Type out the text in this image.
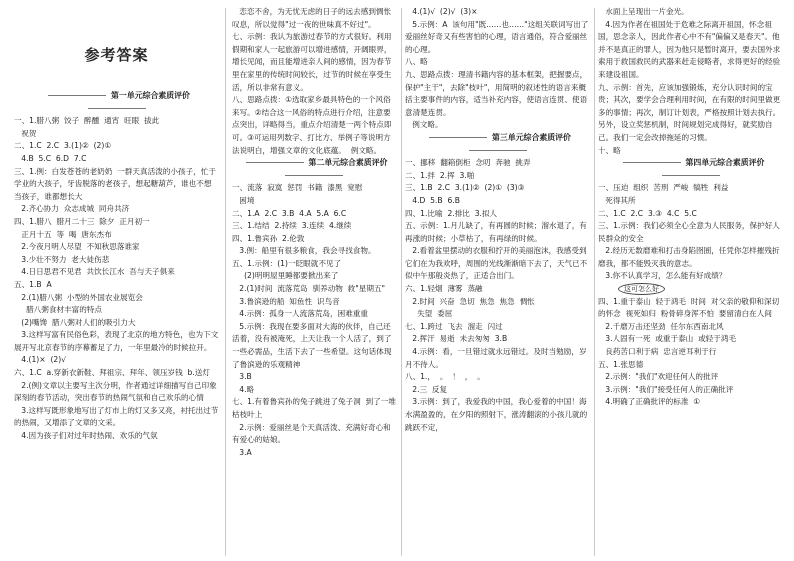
参考答案
第一单元综合素质评价
一、1.腊八粥  饺子  醉醺  通宵  旺眼  拔此
祝贺
二、1.C  2.C  3.(1)②  (2)①
4.B  5.C  6.D  7.C
三、1.例：白发苍苍的老奶奶  一群天真活泼的小孩子，忙于学业的大孩子，牙齿脱落的老孩子，想起糖葫芦，谁也不想当孩子，谁都想长大
2.齐心协力  众志成城  同舟共济
四、1.腊八  腊月二十三  除夕  正月初一
正月十五  等  喝  唐东杰布
2.今夜月明人尽望  不知秋思落谁家
3.少壮不努力  老大徒伤悲
4.日日思君不见君  共饮长江水  吾与天子俱来
五、1.B  A
2.(1)腊八粥  小型的外国农业展览会
腊八粥食材丰富的特点
(2)嘴馋  腊八粥对人们的吸引力大
3.这样写富有民俗色彩，表现了北京的地方特色，也为下文展开写北京春节的序幕蓄足了力，一年里最冷的时候拉开。
4.(1)×  (2)√
六、1.C  a.穿新衣新鞋、拜祖宗、拜年、领压岁钱  b.送灯
2.(例)文章以主要写主次分明，作者通过详细描写自己印象深刻的春节活动，突出春节的热闹气氛和自己欢乐的心情
3.这样写既形象地写出了灯市上的灯又多又亮，衬托出过节的热闹，又增添了文章的文采。
4.因为孩子们对过年时热闹、欢乐的气氛
恋恋不舍，为无忧无虑的日子的远去感到惆怅叹息，所以觉得"过一夜的世味真不好过"。
七、示例：我认为旅游过春节的方式很好。利用假期和家人一起旅游可以增进感情，开阔眼界，增长见闻，而且能增进亲人间的感情，因为春节里在家里的传统时间较长，过节的时候在享受生活，所以非常有意义。
八、思路点拨：①选取家乡最具特色的一个风俗来写。②结合这一风俗的特点进行介绍，注意要点突出，详略得当，重点介绍清楚一两个特点即可。③可运用列数字、打比方、举例子等说明方法说明白，增强文章的文化底蕴。  例文略。
第二单元综合素质评价
一、流落  寂寞  惩罚  书籍  漆黑  宽慰
困境
二、1.A  2.C  3.B  4.A  5.A  6.C
三、1.结结  2.持续  3.连续  4.继续
四、1.鲁宾孙  2.伦敦
3.例：船里有很多粮食，我会寻找食物。
五、1.示例：(1)一眨眼就不见了
(2)明明屋里睡都要掀出来了
2.(1)时间  流落荒岛  驯养动物  救"星期五"
3.鲁滨逊的船  知鱼性  识鸟音
4.示例：孤身一人流落荒岛，困难重重
5.示例：我现在要多面对大海的伙伴，自己还活着，没有被淹死，上天让我一个人活了，到了一些必需品，生活下去了一些希望。这句话体现了鲁滨逊的乐观精神
3.B
4.略
七、1.有着鲁宾孙的兔子跳进了兔子洞  到了一堆枯枝叶上
2.示例：爱丽丝是个天真活泼、充满好奇心和有爱心的姑娘。
3.A
4.(1)√  (2)√  (3)×
5.示例：A  该句用"既……也……"这组关联词写出了爱丽丝好奇又有些害怕的心理，语言通俗，符合爱丽丝的心理。
八、略
九、思路点拨：理清书籍内容的基本框架，把握要点，保护"主干"，去除"枝叶"，用简明的叙述性的语言来概括主要事件的内容，适当补充内容，使语言连贯、使语意清楚连贯。
例文略。
第三单元综合素质评价
一、挪移  翻箱倒柜  念叨  奔驰  挑弄
二、1.拌  2.挥  3.啪
三、1.B  2.C  3.(1)②  (2)①  (3)③
4.D  5.B  6.B
四、1.比喻  2.排比  3.拟人
五、示例：1.月儿缺了，有再圆的时候；溜水退了，有再涨的时候；小草枯了，有再绿的时候。
2.看着盆里摆动的衣服和拧开的美丽泡沫，我感受到它们在为我欢呼，周围的光线渐渐暗下去了，天气已不似中午那般炎热了，正适合出门。
六、1.轻烟  薄雾  蒸融
2.时间  兴奋  急切  焦急  焦急  惆怅
失望  委屈
七、1.跨过  飞去  溜走  闪过
2.挥汗  易逝  未去匆匆  3.B
4.示例：看，一旦错过就永远错过。及时当勉励，岁月不待人。
八、1.，  。  ！  ，  。
2.三  反复
3.示例：到了，我爱我的中国，我心爱着的中国！海水满盈盈的，在夕阳的照射下，涨涛翻滚的小孩儿就的跳跃不定，
水面上呈现出一片金光。
4.因为作者在祖国处于危难之际离开祖国，怀念祖国，思念亲人，因此作者心中不有"偏偏又是春天"。他并不是真正的罪人，因为他只是暂时离开，要去国外求索用于救国救民的武器来赶走侵略者，求得更好的经验来建设祖国。
九、示例：首先，应该加强锻炼，充分认识时间的宝贵；其次，要学会合理利用时间，在有限的时间里做更多的事情；再次，制订计划表，严格按照计划去执行。另外，设立奖惩机制，时间规划完成得好，就奖励自己。我们一定会改掉拖延的习惯。
十、略
第四单元综合素质评价
一、压迫  组织  苦刑  严峻  犒牲  利益
死得其所
二、1.C  2.C  3.③  4.C  5.C
三、1.示例：我们必须全心全意为人民服务，保护好人民群众的安全
2.经历无数磨难和打击身陷囹圄，任凭你怎样摧残折磨我，都不能毁灭我的意志。
3.你不认真学习，怎么能有好成绩？
这可怎么好
四、1.重于泰山  轻于鸿毛  时间  对父亲的敬仰和深切的怀念  视死如归  粉骨碎身浑不怕  要留清白在人间
2.千磨万击还坚劲  任尔东西南北风
3.人固有一死  或重于泰山  或轻于鸿毛
良药苦口利于病  忠言逆耳利于行
五、1.张思德
2.示例："我们"欢迎任何人的批评
3.示例："我们"接受任何人的正确批评
4.明确了正确批评的标准  ①
